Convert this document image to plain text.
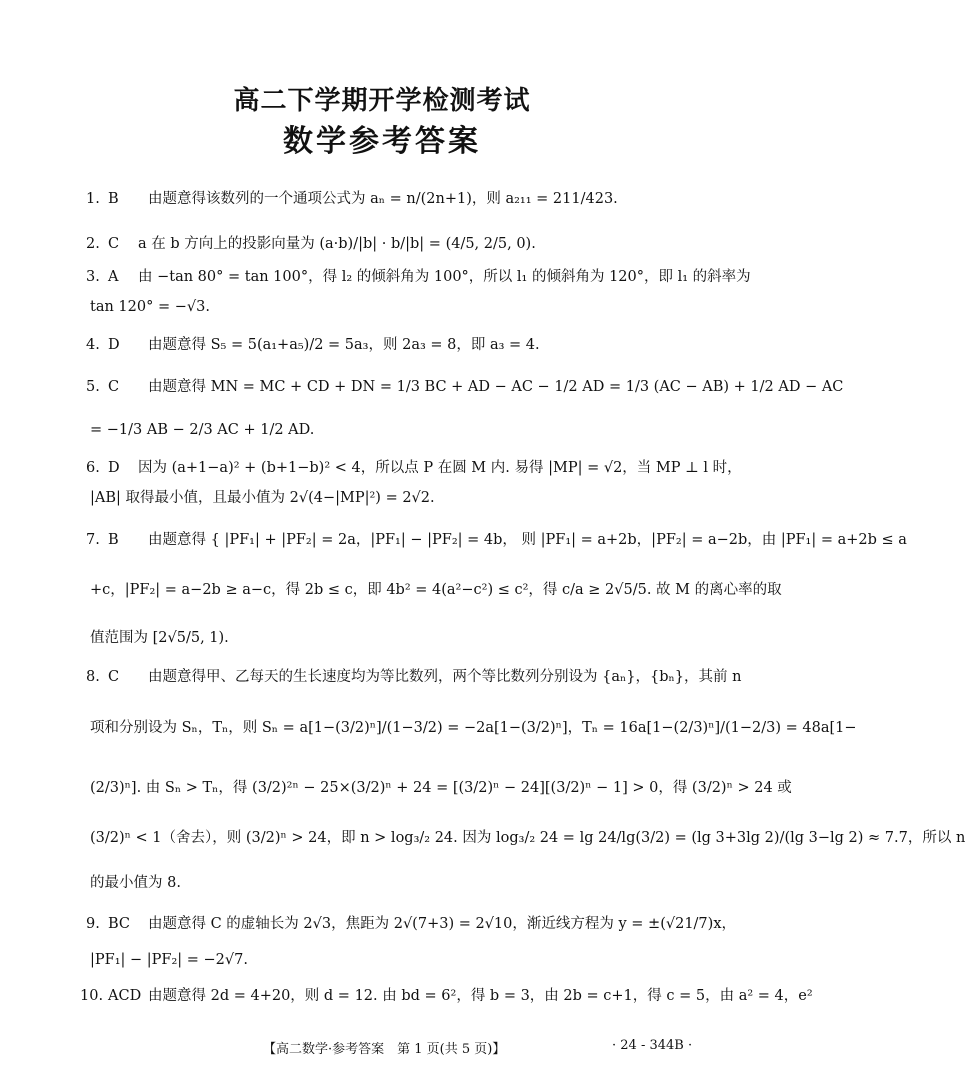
高二下学期开学检测考试
数学参考答案
1. B 由题意得该数列的一个通项公式为 aₙ = n/(2n+1)，则 a₂₁₁ = 211/423.
2. C a 在 b 方向上的投影向量为 (a·b)/|b| · b/|b| = (4/5, 2/5, 0).
3. A 由 −tan 80° = tan 100°，得 l₂ 的倾斜角为 100°，所以 l₁ 的倾斜角为 120°，即 l₁ 的斜率为
tan 120° = −√3.
4. D 由题意得 S₅ = 5(a₁+a₅)/2 = 5a₃，则 2a₃ = 8，即 a₃ = 4.
5. C 由题意得 MN = MC + CD + DN = 1/3 BC + AD − AC − 1/2 AD = 1/3 (AC − AB) + 1/2 AD − AC
= −1/3 AB − 2/3 AC + 1/2 AD.
6. D 因为 (a+1−a)² + (b+1−b)² < 4，所以点 P 在圆 M 内. 易得 |MP| = √2，当 MP ⊥ l 时，
|AB| 取得最小值，且最小值为 2√(4−|MP|²) = 2√2.
7. B 由题意得 { |PF₁| + |PF₂| = 2a，|PF₁| − |PF₂| = 4b， 则 |PF₁| = a+2b，|PF₂| = a−2b，由 |PF₁| = a+2b ≤ a
+c，|PF₂| = a−2b ≥ a−c，得 2b ≤ c，即 4b² = 4(a²−c²) ≤ c²，得 c/a ≥ 2√5/5. 故 M 的离心率的取
值范围为 [2√5/5, 1).
8. C 由题意得甲、乙每天的生长速度均为等比数列，两个等比数列分别设为 {aₙ}，{bₙ}，其前 n
项和分别设为 Sₙ，Tₙ，则 Sₙ = a[1−(3/2)ⁿ]/(1−3/2) = −2a[1−(3/2)ⁿ]，Tₙ = 16a[1−(2/3)ⁿ]/(1−2/3) = 48a[1−
(2/3)ⁿ]. 由 Sₙ > Tₙ，得 (3/2)²ⁿ − 25×(3/2)ⁿ + 24 = [(3/2)ⁿ − 24][(3/2)ⁿ − 1] > 0，得 (3/2)ⁿ > 24 或
(3/2)ⁿ < 1（舍去），则 (3/2)ⁿ > 24，即 n > log₃/₂ 24. 因为 log₃/₂ 24 = lg 24/lg(3/2) = (lg 3+3lg 2)/(lg 3−lg 2) ≈ 7.7，所以 n
的最小值为 8.
9. BC 由题意得 C 的虚轴长为 2√3，焦距为 2√(7+3) = 2√10，渐近线方程为 y = ±(√21/7)x，
|PF₁| − |PF₂| = −2√7.
10. ACD 由题意得 2d = 4+20，则 d = 12. 由 bd = 6²，得 b = 3，由 2b = c+1，得 c = 5，由 a² = 4，e²
【高二数学·参考答案　第 1 页(共 5 页)】	· 24 - 344B ·
